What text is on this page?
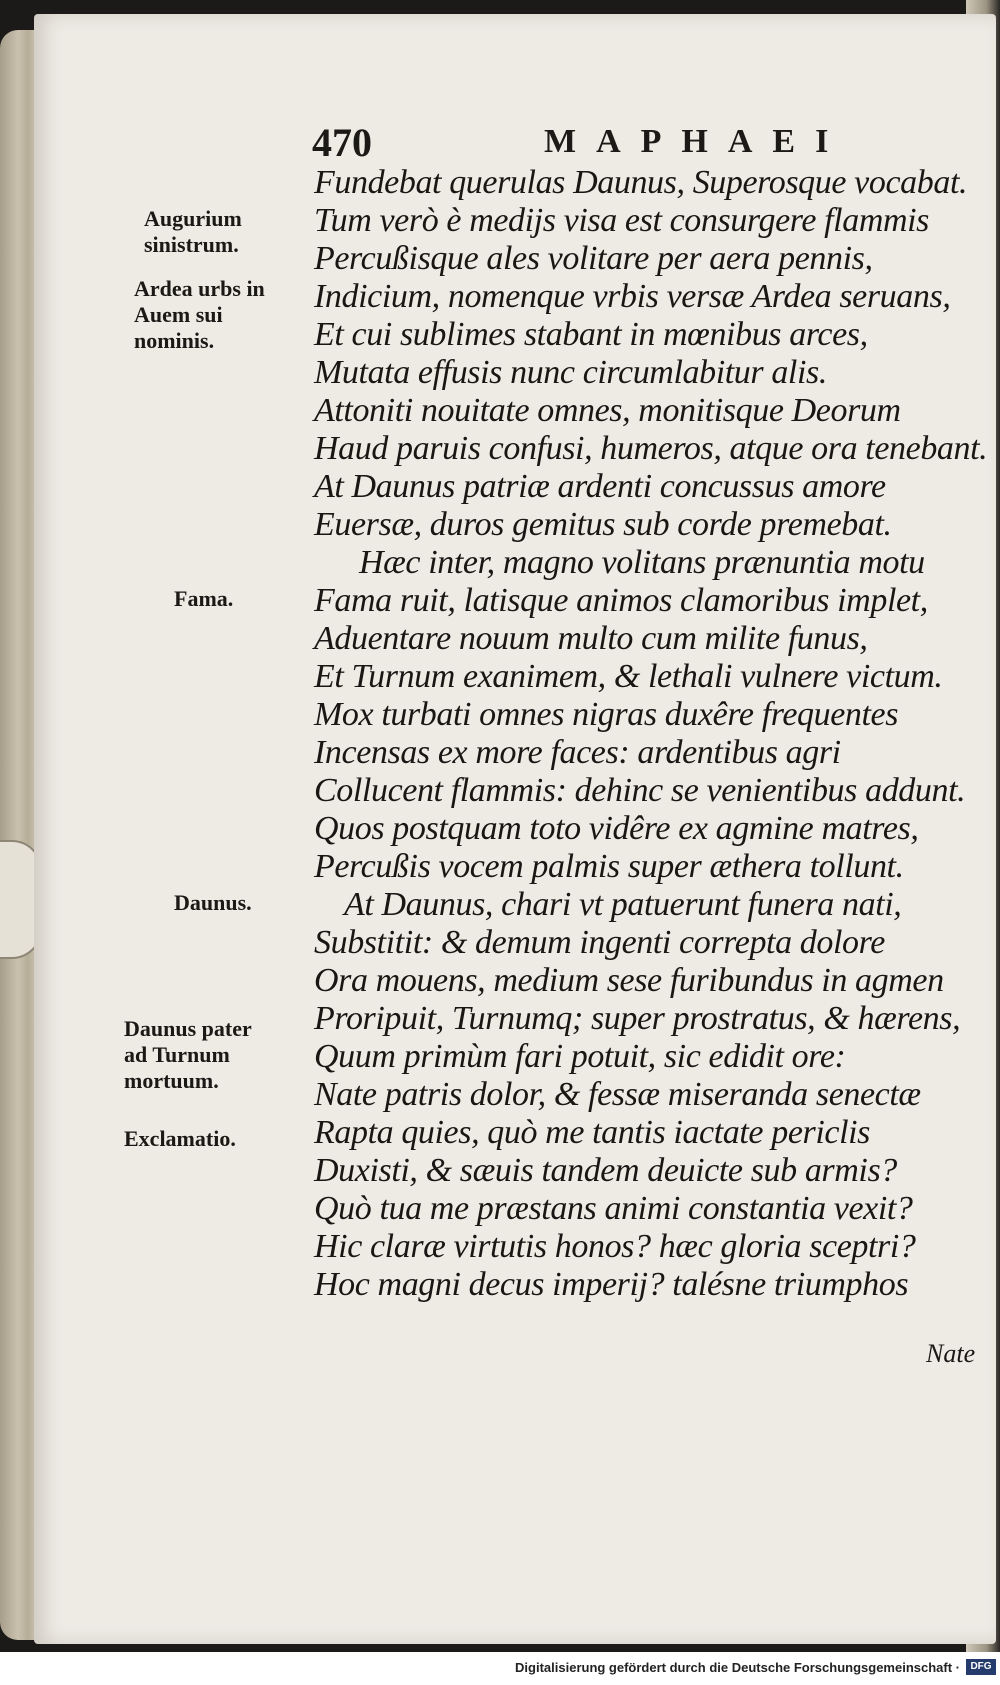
470	MAPHAEI
Fundebat querulas Daunus, Superosque vocabat.
Tum verò è medijs visa est consurgere flammis
Percußisque ales volitare per aera pennis,
Indicium, nomenque vrbis versæ Ardea seruans,
Et cui sublimes stabant in mœnibus arces,
Mutata effusis nunc circumlabitur alis.
Attoniti nouitate omnes, monitisque Deorum
Haud paruis confusi, humeros, atque ora tenebant.
At Daunus patriæ ardenti concussus amore
Euersæ, duros gemitus sub corde premebat.
Hæc inter, magno volitans prænuntia motu
Fama ruit, latisque animos clamoribus implet,
Aduentare nouum multo cum milite funus,
Et Turnum exanimem, & lethali vulnere victum.
Mox turbati omnes nigras duxêre frequentes
Incensas ex more faces: ardentibus agri
Collucent flammis: dehinc se venientibus addunt.
Quos postquam toto vidêre ex agmine matres,
Percußis vocem palmis super æthera tollunt.
At Daunus, chari vt patuerunt funera nati,
Substitit: & demum ingenti correpta dolore
Ora mouens, medium sese furibundus in agmen
Proripuit, Turnumq; super prostratus, & hærens,
Quum primùm fari potuit, sic edidit ore:
Nate patris dolor, & fessæ miseranda senectæ
Rapta quies, quò me tantis iactate periclis
Duxisti, & sæuis tandem deuicte sub armis?
Quò tua me præstans animi constantia vexit?
Hic claræ virtutis honos? hæc gloria sceptri?
Hoc magni decus imperij? talésne triumphos
Augurium sinistrum.
Ardea urbs in Auem sui nominis.
Fama.
Daunus.
Daunus pater ad Turnum mortuum.
Exclamatio.
Nate
Digitalisierung gefördert durch die Deutsche Forschungsgemeinschaft ·	DFG
